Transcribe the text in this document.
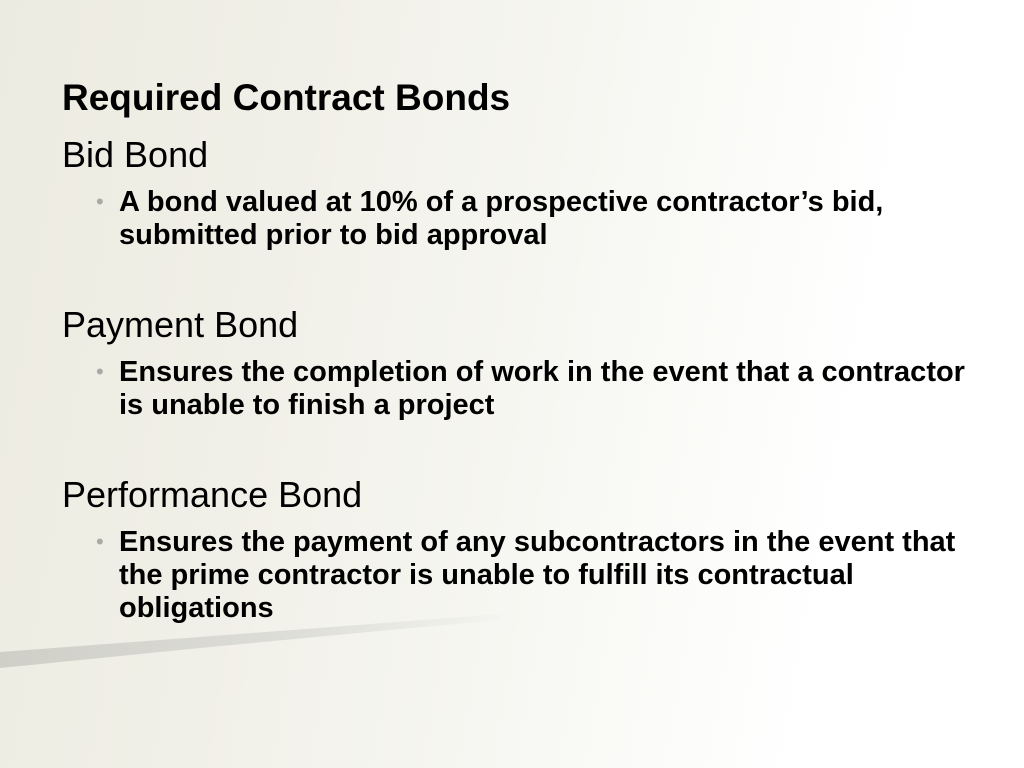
Required Contract Bonds
Bid Bond
• A bond valued at 10% of a prospective contractor’s bid, submitted prior to bid approval
Payment Bond
• Ensures the completion of work in the event that a contractor is unable to finish a project
Performance Bond
• Ensures the payment of any subcontractors in the event that the prime contractor is unable to fulfill its contractual obligations
